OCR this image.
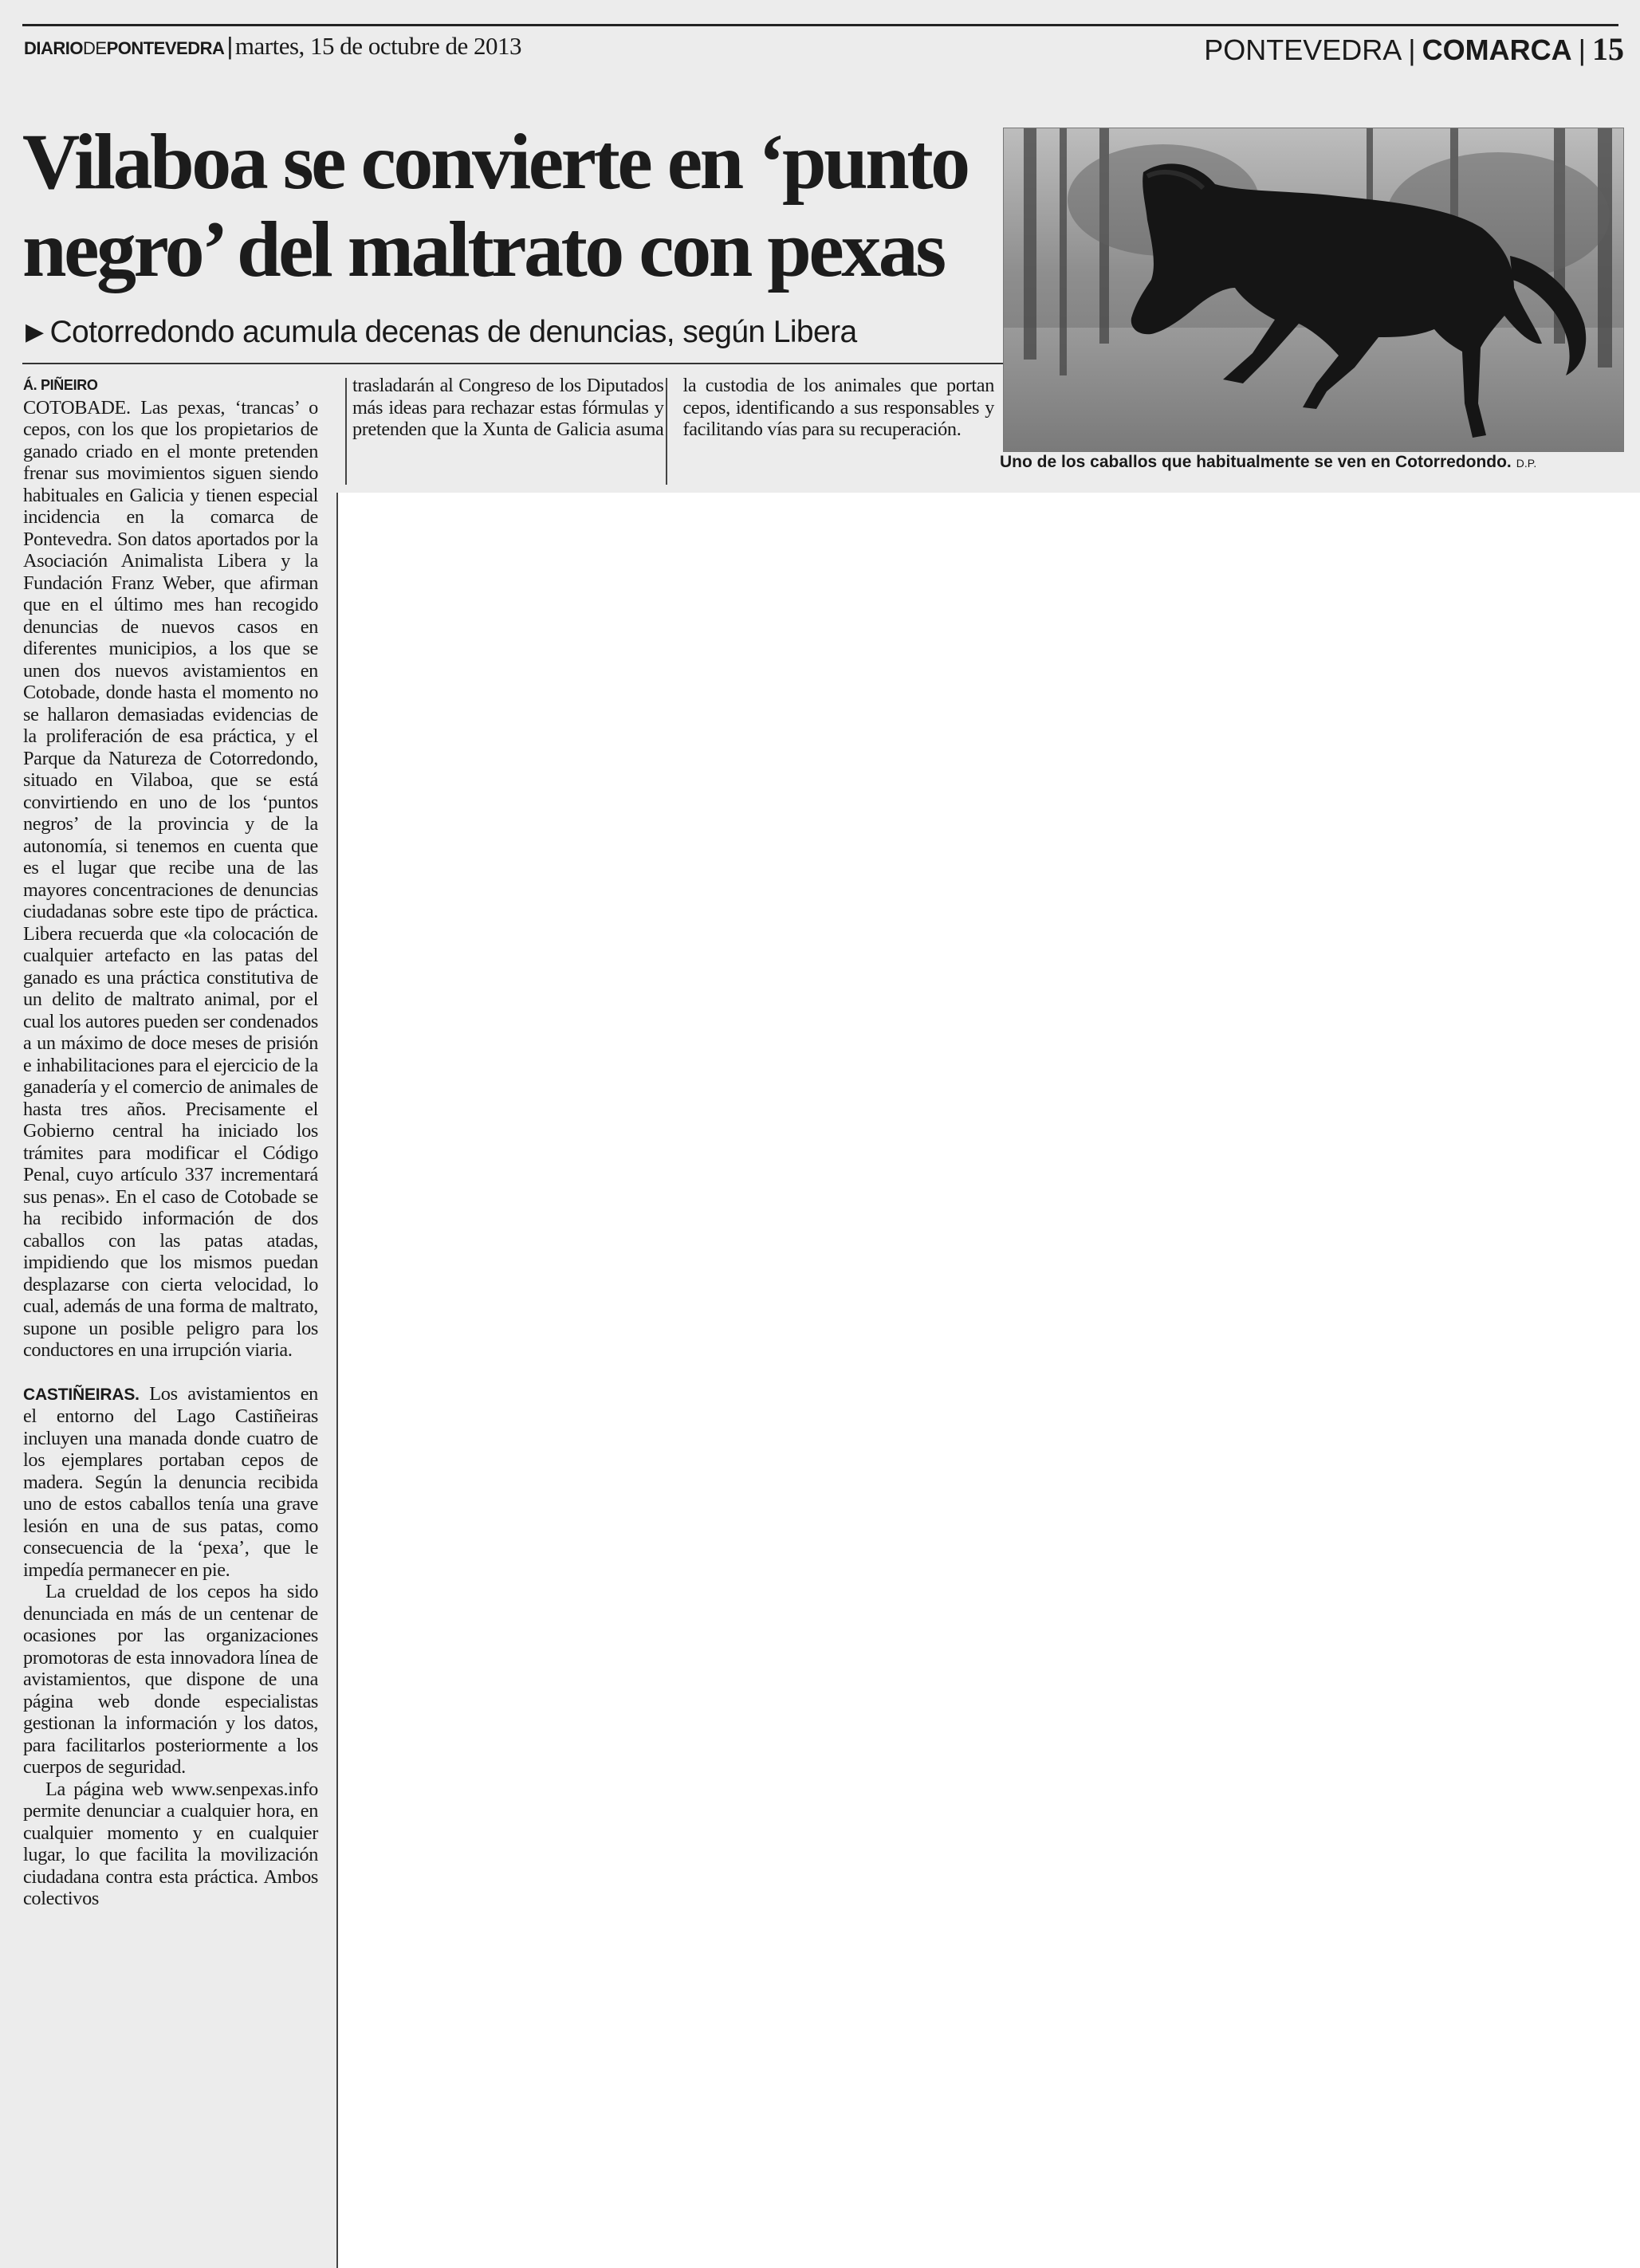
DIARIODEPONTEVEDRA|martes, 15 de octubre de 2013	PONTEVEDRA | COMARCA | 15
Vilaboa se convierte en ‘punto negro’ del maltrato con pexas
▶ Cotorredondo acumula decenas de denuncias, según Libera
Uno de los caballos que habitualmente se ven en Cotorredondo. D.P.

Á. PIÑEIRO

COTOBADE. Las pexas, ‘trancas’ o cepos, con los que los propietarios de ganado criado en el monte pretenden frenar sus movimientos siguen siendo habituales en Galicia y tienen especial incidencia en la comarca de Pontevedra. Son datos aportados por la Asociación Animalista Libera y la Fundación Franz Weber, que afirman que en el último mes han recogido denuncias de nuevos casos en diferentes municipios, a los que se unen dos nuevos avistamientos en Cotobade, donde hasta el momento no se hallaron demasiadas evidencias de la proliferación de esa práctica, y el Parque da Natureza de Cotorredondo, situado en Vilaboa, que se está convirtiendo en uno de los ‘puntos negros’ de la provincia y de la autonomía, si tenemos en cuenta que es el lugar que recibe una de las mayores concentraciones de denuncias ciudadanas sobre este tipo de práctica. Libera recuerda que «la colocación de cualquier artefacto en las patas del ganado es una práctica constitutiva de un delito de maltrato animal, por el cual los autores pueden ser condenados a un máximo de doce meses de prisión e inhabilitaciones para el ejercicio de la ganadería y el comercio de animales de hasta tres años. Precisamente el Gobierno central ha iniciado los trámites para modificar el Código Penal, cuyo artículo 337 incrementará sus penas». En el caso de Cotobade se ha recibido información de dos caballos con las patas atadas, impidiendo que los mismos puedan desplazarse con cierta velocidad, lo cual, además de una forma de maltrato, supone un posible peligro para los conductores en una irrupción viaria.

CASTIÑEIRAS. Los avistamientos en el entorno del Lago Castiñeiras incluyen una manada donde cuatro de los ejemplares portaban cepos de madera. Según la denuncia recibida uno de estos caballos tenía una grave lesión en una de sus patas, como consecuencia de la ‘pexa’, que le impedía permanecer en pie.

La crueldad de los cepos ha sido denunciada en más de un centenar de ocasiones por las organizaciones promotoras de esta innovadora línea de avistamientos, que dispone de una página web donde especialistas gestionan la información y los datos, para facilitarlos posteriormente a los cuerpos de seguridad.

La página web www.senpexas.info permite denunciar a cualquier hora, en cualquier momento y en cualquier lugar, lo que facilita la movilización ciudadana contra esta práctica. Ambos colectivos

trasladarán al Congreso de los Diputados más ideas para rechazar estas fórmulas y pretenden que la Xunta de Galicia asuma la custodia de los animales que portan cepos, identificando a sus responsables y facilitando vías para su recuperación.
